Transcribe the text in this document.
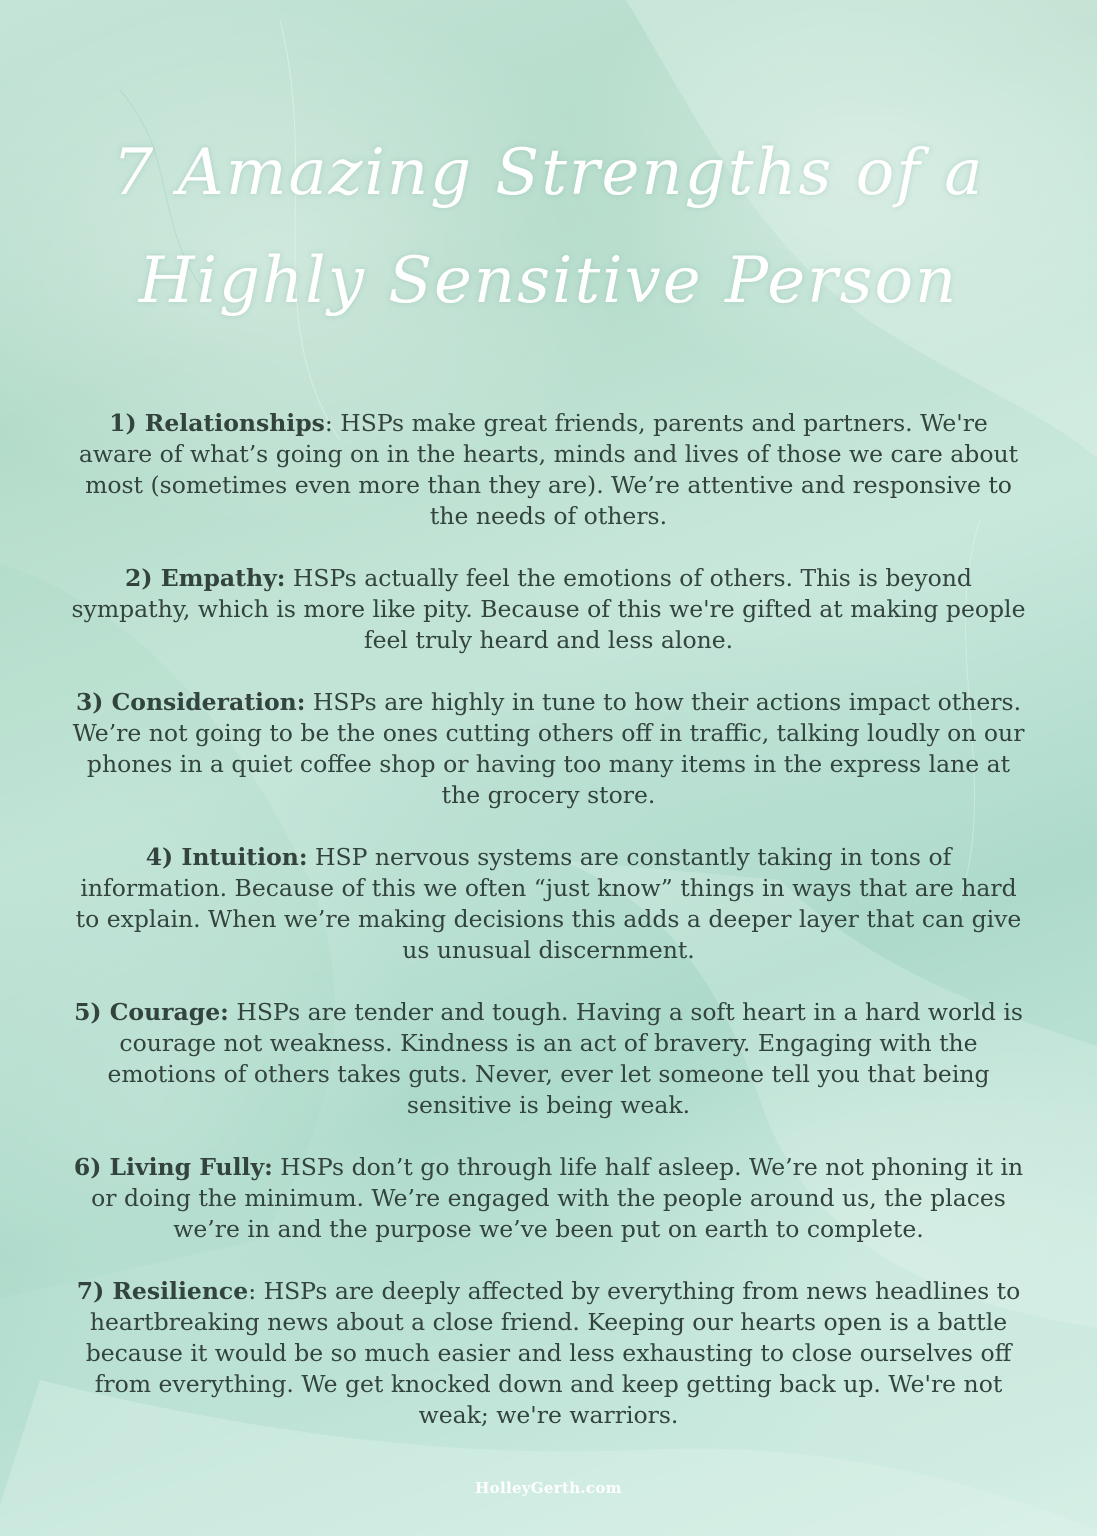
7 Amazing Strengths of a
Highly Sensitive Person

1) Relationships: HSPs make great friends, parents and partners. We're aware of what’s going on in the hearts, minds and lives of those we care about most (sometimes even more than they are). We’re attentive and responsive to the needs of others.

2) Empathy: HSPs actually feel the emotions of others. This is beyond sympathy, which is more like pity. Because of this we're gifted at making people feel truly heard and less alone.

3) Consideration: HSPs are highly in tune to how their actions impact others. We’re not going to be the ones cutting others off in traffic, talking loudly on our phones in a quiet coffee shop or having too many items in the express lane at the grocery store.

4) Intuition: HSP nervous systems are constantly taking in tons of information. Because of this we often “just know” things in ways that are hard to explain. When we’re making decisions this adds a deeper layer that can give us unusual discernment.

5) Courage: HSPs are tender and tough. Having a soft heart in a hard world is courage not weakness. Kindness is an act of bravery. Engaging with the emotions of others takes guts. Never, ever let someone tell you that being sensitive is being weak.

6) Living Fully: HSPs don’t go through life half asleep. We’re not phoning it in or doing the minimum. We’re engaged with the people around us, the places we’re in and the purpose we’ve been put on earth to complete.

7) Resilience: HSPs are deeply affected by everything from news headlines to heartbreaking news about a close friend. Keeping our hearts open is a battle because it would be so much easier and less exhausting to close ourselves off from everything. We get knocked down and keep getting back up. We're not weak; we're warriors.

HolleyGerth.com
